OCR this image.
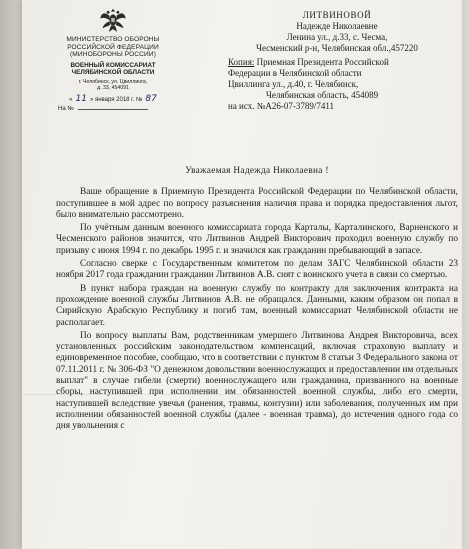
МИНИСТЕРСТВО ОБОРОНЫ
РОССИЙСКОЙ ФЕДЕРАЦИИ
(МИНОБОРОНЫ РОССИИ)
ВОЕННЫЙ КОМИССАРИАТ
ЧЕЛЯБИНСКОЙ ОБЛАСТИ
г. Челябинск, ул. Цвиллинга,
д. 33, 454091
« 11 » января 2018 г. № 87
На №
ЛИТВИНОВОЙ
Надежде Николаевне
Ленина ул., д.33, с. Чесма,
Чесменский р-н, Челябинская обл.,457220
Копия: Приемная Президента Российской
Федерации в Челябинской области
Цвиллинга ул., д.40, г. Челябинск,
Челябинская область, 454089
на исх. №А26-07-3789/7411
Уважаемая Надежда Николаевна !

Ваше обращение в Приемную Президента Российской Федерации по Челябинской области, поступившее в мой адрес по вопросу разъяснения наличия права и порядка предоставления льгот, было внимательно рассмотрено.

По учётным данным военного комиссариата города Карталы, Карталинского, Варненского и Чесменского районов значится, что Литвинов Андрей Викторович проходил военную службу по призыву с июня 1994 г. по декабрь 1995 г. и значился как гражданин пребывающий в запасе.

Согласно сверке с Государственным комитетом по делам ЗАГС Челябинской области 23 ноября 2017 года гражданин гражданин Литвинов А.В. снят с воинского учета в связи со смертью.

В пункт набора граждан на военную службу по контракту для заключения контракта на прохождение военной службы Литвинов А.В. не обращался. Данными, каким образом он попал в Сирийскую Арабскую Республику и погиб там, военный комиссариат Челябинской области не располагает.

По вопросу выплаты Вам, родственникам умершего Литвинова Андрея Викторовича, всех установленных российским законодательством компенсаций, включая страховую выплату и единовременное пособие, сообщаю, что в соответствии с пунктом 8 статьи 3 Федерального закона от 07.11.2011 г. № 306-ФЗ "О денежном довольствии военнослужащих и предоставлении им отдельных выплат" в случае гибели (смерти) военнослужащего или гражданина, призванного на военные сборы, наступившей при исполнении им обязанностей военной службы, либо его смерти, наступившей вследствие увечья (ранения, травмы, контузии) или заболевания, полученных им при исполнении обязанностей военной службы (далее - военная травма), до истечения одного года со дня увольнения с
